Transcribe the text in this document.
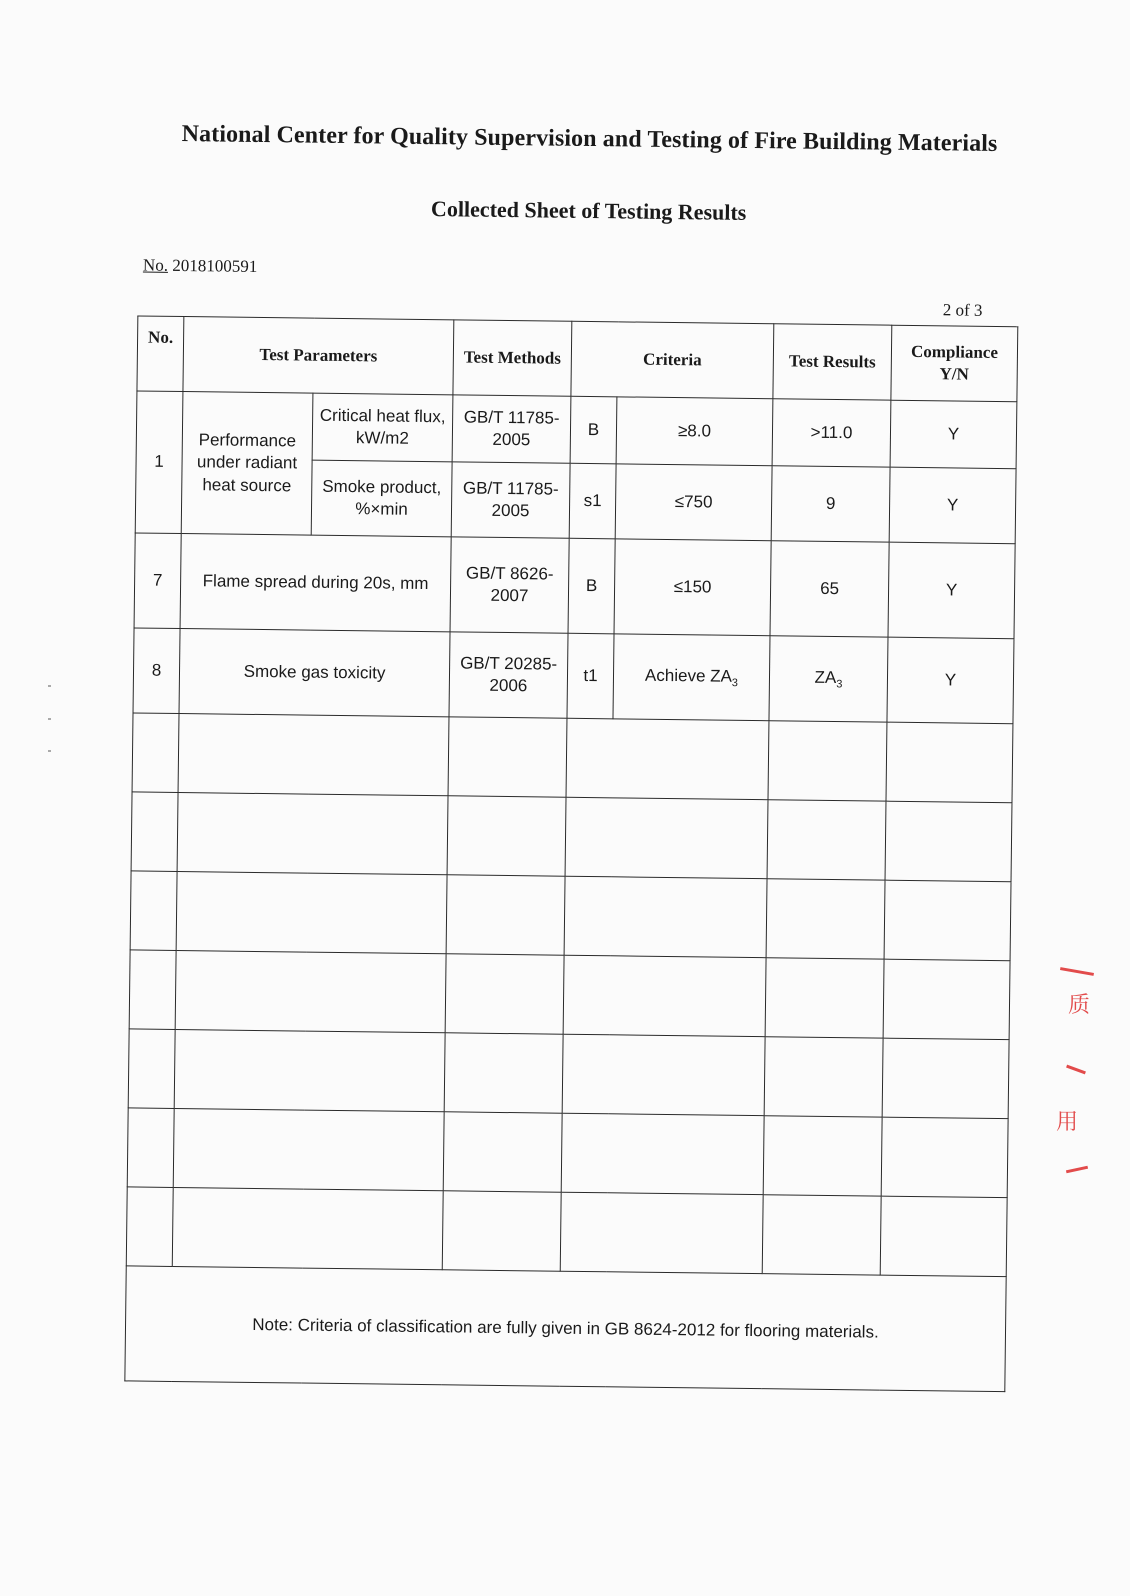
National Center for Quality Supervision and Testing of Fire Building Materials
Collected Sheet of Testing Results
No. 2018100591
2 of 3
No.	Test Parameters		Test Methods	Criteria		Test Results	Compliance Y/N
1	Performance under radiant heat source	Critical heat flux, kW/m2	GB/T 11785-2005	B	≥8.0	>11.0	Y
		Smoke product, %×min	GB/T 11785-2005	s1	≤750	9	Y
7	Flame spread during 20s, mm		GB/T 8626-2007	B	≤150	65	Y
8	Smoke gas toxicity		GB/T 20285-2006	t1	Achieve $ZA_3$	$ZA_3$	Y

Note: Criteria of classification are fully given in GB 8624-2012 for flooring materials.							
质
用
